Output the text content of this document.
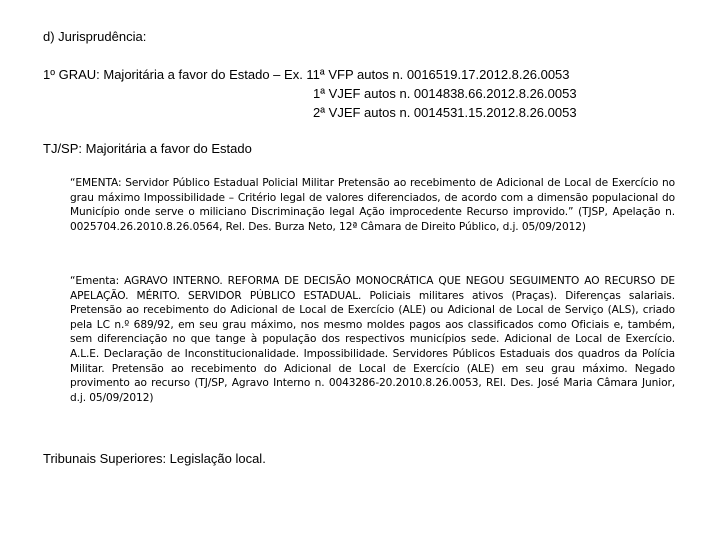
d) Jurisprudência:
1º GRAU: Majoritária a favor do Estado – Ex. 11ª VFP autos n. 0016519.17.2012.8.26.0053
1ª VJEF autos n. 0014838.66.2012.8.26.0053
2ª VJEF autos n. 0014531.15.2012.8.26.0053
TJ/SP: Majoritária a favor do Estado
“EMENTA: Servidor Público Estadual Policial Militar Pretensão ao recebimento de Adicional de Local de Exercício no grau máximo Impossibilidade – Critério legal de valores diferenciados, de acordo com a dimensão populacional do Município onde serve o miliciano Discriminação legal Ação improcedente Recurso improvido.” (TJSP, Apelação n. 0025704.26.2010.8.26.0564, Rel. Des. Burza Neto, 12ª Câmara de Direito Público, d.j. 05/09/2012)
“Ementa: AGRAVO INTERNO. REFORMA DE DECISÃO MONOCRÁTICA QUE NEGOU SEGUIMENTO AO RECURSO DE APELAÇÃO. MÉRITO. SERVIDOR PÚBLICO ESTADUAL. Policiais militares ativos (Praças). Diferenças salariais. Pretensão ao recebimento do Adicional de Local de Exercício (ALE) ou Adicional de Local de Serviço (ALS), criado pela LC n.º 689/92, em seu grau máximo, nos mesmo moldes pagos aos classificados como Oficiais e, também, sem diferenciação no que tange à população dos respectivos municípios sede. Adicional de Local de Exercício. A.L.E. Declaração de Inconstitucionalidade. Impossibilidade. Servidores Públicos Estaduais dos quadros da Polícia Militar. Pretensão ao recebimento do Adicional de Local de Exercício (ALE) em seu grau máximo. Negado provimento ao recurso (TJ/SP, Agravo Interno n. 0043286-20.2010.8.26.0053, REl. Des. José Maria Câmara Junior, d.j. 05/09/2012)
Tribunais Superiores: Legislação local.
